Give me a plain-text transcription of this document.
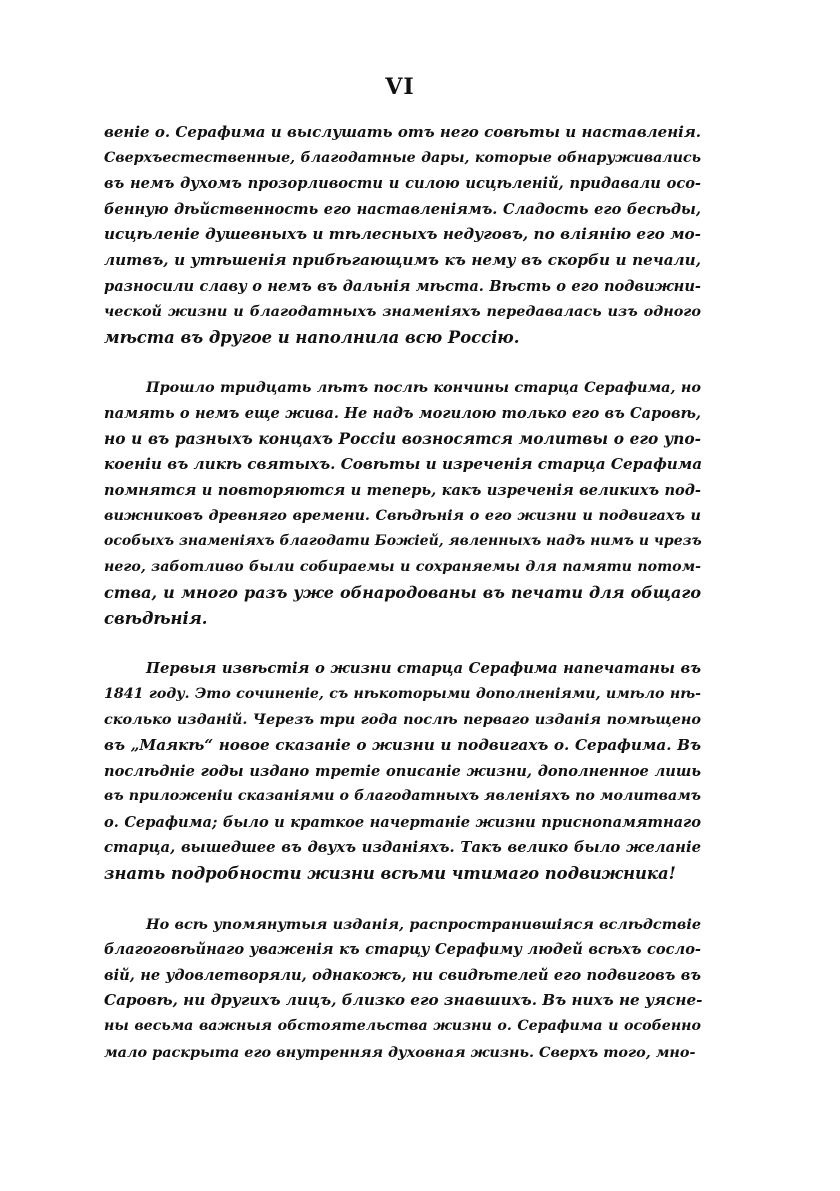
VI
веніе о. Серафима и выслушать отъ него совѣты и наставленія.
Сверхъестественные, благодатные дары, которые обнаруживались
въ немъ духомъ прозорливости и силою исцѣленій, придавали осо-
бенную дѣйственность его наставленіямъ. Сладость его бесѣды,
исцѣленіе душевныхъ и тѣлесныхъ недуговъ, по вліянію его мо-
литвъ, и утѣшенія прибѣгающимъ къ нему въ скорби и печали,
разносили славу о немъ въ дальнія мѣста. Вѣсть о его подвижни-
ческой жизни и благодатныхъ знаменіяхъ передавалась изъ одного
мѣста въ другое и наполнила всю Россію.
Прошло тридцать лѣтъ послѣ кончины старца Серафима, но
память о немъ еще жива. Не надъ могилою только его въ Саровѣ,
но и въ разныхъ концахъ Россіи возносятся молитвы о его упо-
коеніи въ ликѣ святыхъ. Совѣты и изреченія старца Серафима
помнятся и повторяются и теперь, какъ изреченія великихъ под-
вижниковъ древняго времени. Свѣдѣнія о его жизни и подвигахъ и
особыхъ знаменіяхъ благодати Божіей, явленныхъ надъ нимъ и чрезъ
него, заботливо были собираемы и сохраняемы для памяти потом-
ства, и много разъ уже обнародованы въ печати для общаго
свѣдѣнія.
Первыя извѣстія о жизни старца Серафима напечатаны въ
1841 году. Это сочиненіе, съ нѣкоторыми дополненіями, имѣло нѣ-
сколько изданій. Черезъ три года послѣ перваго изданія помѣщено
въ „Маякѣ“ новое сказаніе о жизни и подвигахъ о. Серафима. Въ
послѣдніе годы издано третіе описаніе жизни, дополненное лишь
въ приложеніи сказаніями о благодатныхъ явленіяхъ по молитвамъ
о. Серафима; было и краткое начертаніе жизни приснопамятнаго
старца, вышедшее въ двухъ изданіяхъ. Такъ велико было желаніе
знать подробности жизни всѣми чтимаго подвижника!
Но всѣ упомянутыя изданія, распространившіяся вслѣдствіе
благоговѣйнаго уваженія къ старцу Серафиму людей всѣхъ сосло-
вій, не удовлетворяли, однакожъ, ни свидѣтелей его подвиговъ въ
Саровѣ, ни другихъ лицъ, близко его знавшихъ. Въ нихъ не уясне-
ны весьма важныя обстоятельства жизни о. Серафима и особенно
мало раскрыта его внутренняя духовная жизнь. Сверхъ того, мно-
